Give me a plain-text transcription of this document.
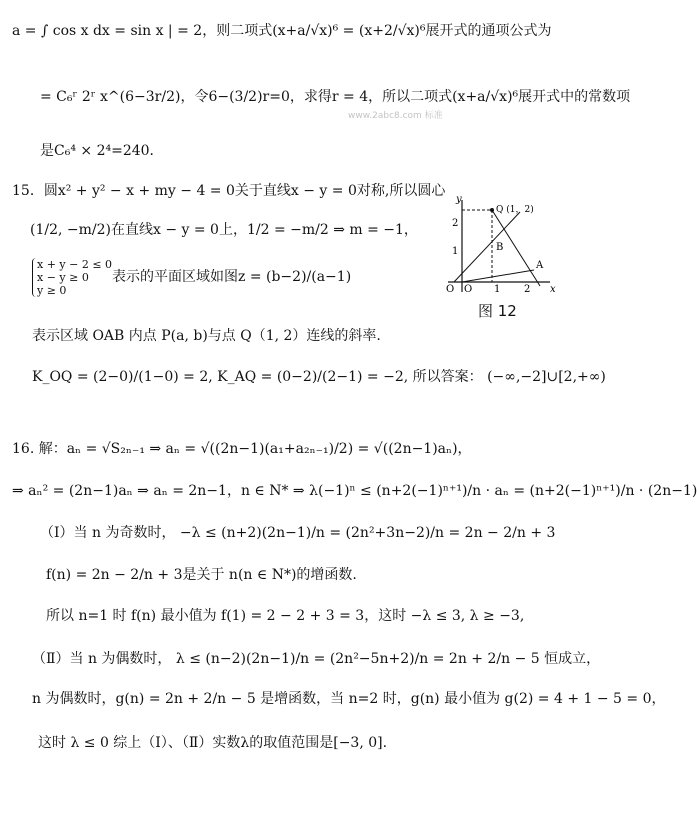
a = ∫ cos x dx = sin x | = 2，则二项式(x+a/√x)⁶ = (x+2/√x)⁶展开式的通项公式为
= C₆ʳ 2ʳ x^(6−3r/2)，令6−(3/2)r=0，求得r = 4，所以二项式(x+a/√x)⁶展开式中的常数项
www.2abc8.com 标准
是C₆⁴ × 2⁴=240．
15．圆x² + y² − x + my − 4 = 0关于直线x − y = 0对称,所以圆心
(1/2, −m/2)在直线x − y = 0上，1/2 = −m/2 ⇒ m = −1，
x + y − 2 ≤ 0
x − y ≥ 0
y ≥ 0
表示的平面区域如图z = (b−2)/(a−1)
表示区域 OAB 内点 P(a, b)与点 Q（1, 2）连线的斜率.
K_OQ = (2−0)/(1−0) = 2, K_AQ = (0−2)/(2−1) = −2, 所以答案： (−∞,−2]∪[2,+∞)
y
x
O O
A
B
Q (1，2)
2
1
1 2
图 12
16. 解：aₙ = √S₂ₙ₋₁ ⇒ aₙ = √((2n−1)(a₁+a₂ₙ₋₁)/2) = √((2n−1)aₙ)，
⇒ aₙ² = (2n−1)aₙ ⇒ aₙ = 2n−1，n ∈ N* ⇒ λ(−1)ⁿ ≤ (n+2(−1)ⁿ⁺¹)/n · aₙ = (n+2(−1)ⁿ⁺¹)/n · (2n−1)
（Ⅰ）当 n 为奇数时， −λ ≤ (n+2)(2n−1)/n = (2n²+3n−2)/n = 2n − 2/n + 3
f(n) = 2n − 2/n + 3是关于 n(n ∈ N*)的增函数.
所以 n=1 时 f(n) 最小值为 f(1) = 2 − 2 + 3 = 3，这时 −λ ≤ 3, λ ≥ −3,
（Ⅱ）当 n 为偶数时， λ ≤ (n−2)(2n−1)/n = (2n²−5n+2)/n = 2n + 2/n − 5 恒成立，
n 为偶数时，g(n) = 2n + 2/n − 5 是增函数，当 n=2 时，g(n) 最小值为 g(2) = 4 + 1 − 5 = 0，
这时 λ ≤ 0 综上（Ⅰ）、（Ⅱ）实数λ的取值范围是[−3, 0].
